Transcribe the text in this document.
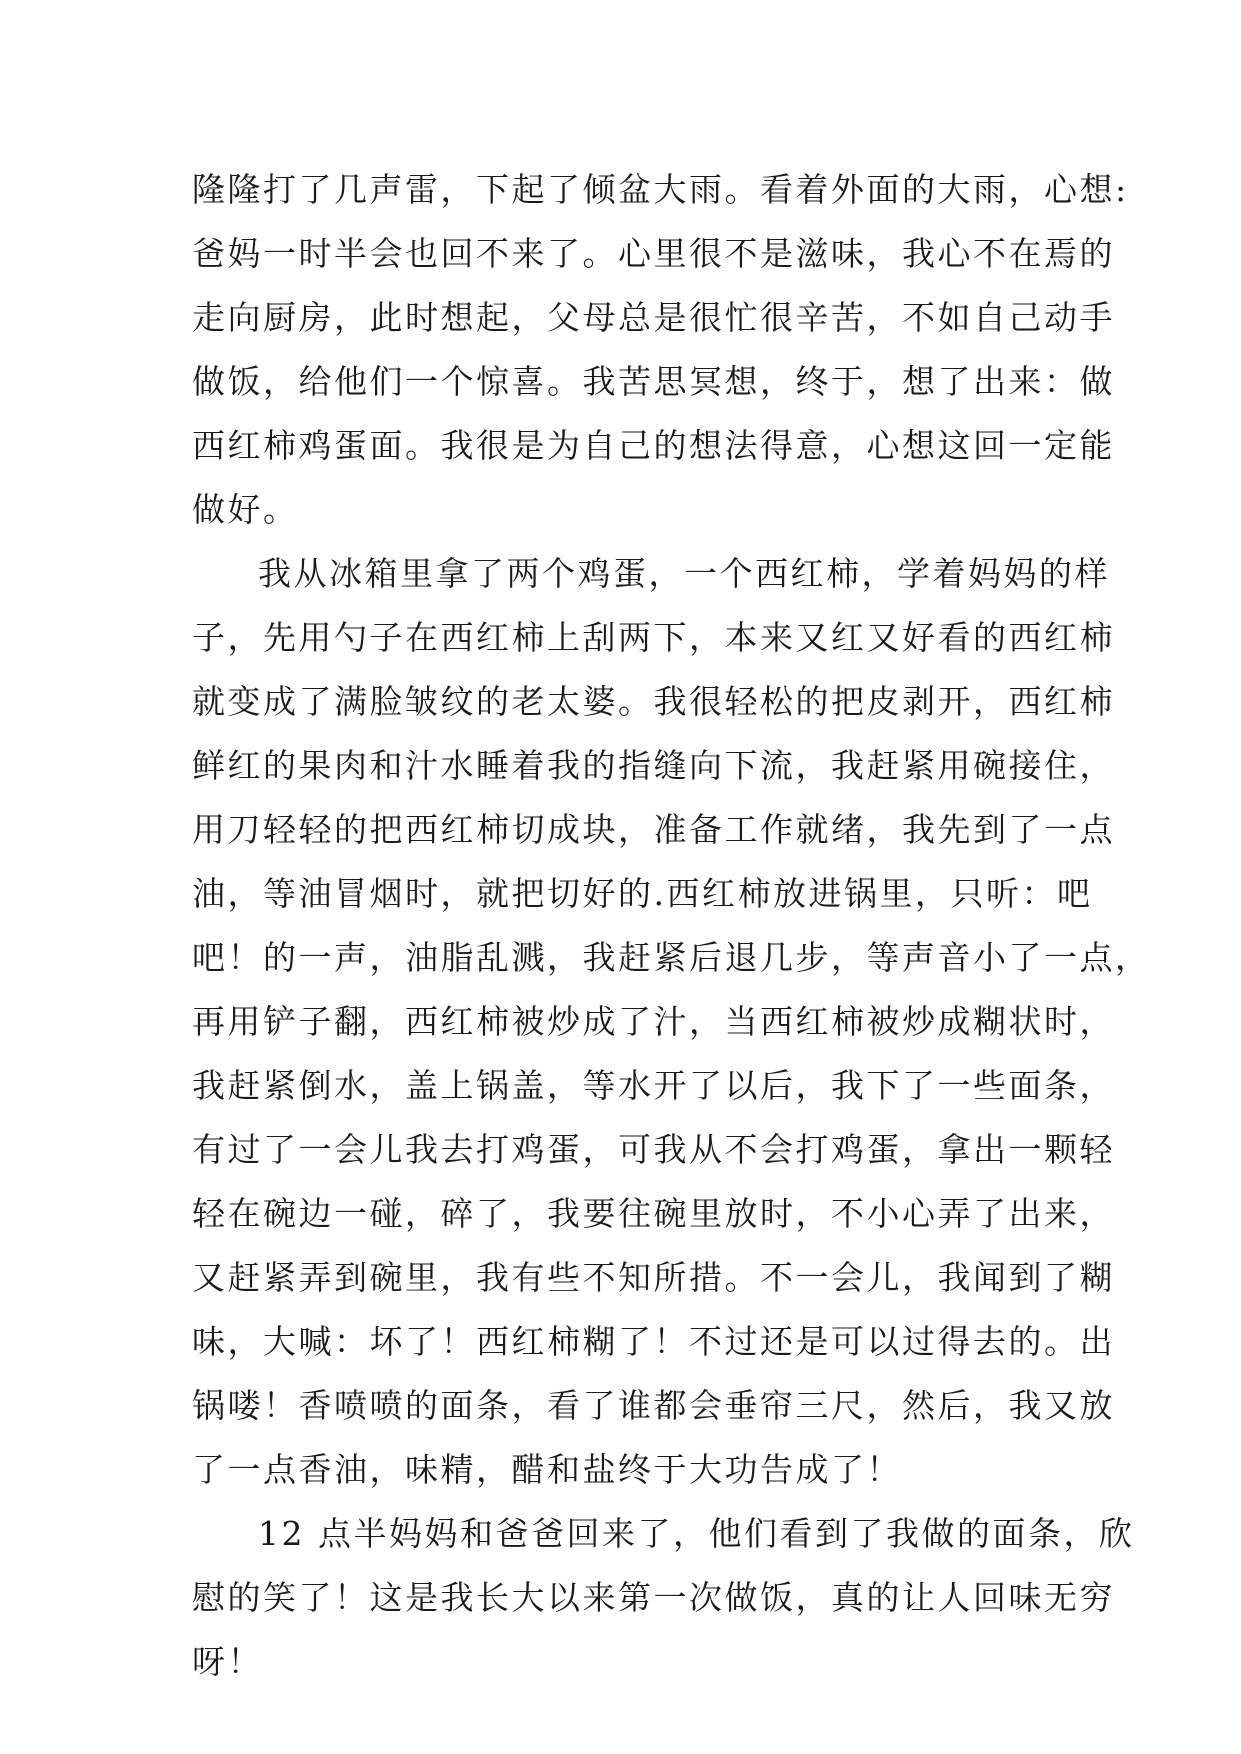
隆隆打了几声雷，下起了倾盆大雨。看着外面的大雨，心想:
爸妈一时半会也回不来了。心里很不是滋味，我心不在焉的
走向厨房，此时想起，父母总是很忙很辛苦，不如自己动手
做饭，给他们一个惊喜。我苦思冥想，终于，想了出来：做
西红柿鸡蛋面。我很是为自己的想法得意，心想这回一定能
做好。
我从冰箱里拿了两个鸡蛋，一个西红柿，学着妈妈的样
子，先用勺子在西红柿上刮两下，本来又红又好看的西红柿
就变成了满脸皱纹的老太婆。我很轻松的把皮剥开，西红柿
鲜红的果肉和汁水睡着我的指缝向下流，我赶紧用碗接住，
用刀轻轻的把西红柿切成块，准备工作就绪，我先到了一点
油，等油冒烟时，就把切好的.西红柿放进锅里，只听：吧
吧！的一声，油脂乱溅，我赶紧后退几步，等声音小了一点，
再用铲子翻，西红柿被炒成了汁，当西红柿被炒成糊状时，
我赶紧倒水，盖上锅盖，等水开了以后，我下了一些面条，
有过了一会儿我去打鸡蛋，可我从不会打鸡蛋，拿出一颗轻
轻在碗边一碰，碎了，我要往碗里放时，不小心弄了出来，
又赶紧弄到碗里，我有些不知所措。不一会儿，我闻到了糊
味，大喊：坏了！西红柿糊了！不过还是可以过得去的。出
锅喽！香喷喷的面条，看了谁都会垂帘三尺，然后，我又放
了一点香油，味精，醋和盐终于大功告成了！
12 点半妈妈和爸爸回来了，他们看到了我做的面条，欣
慰的笑了！这是我长大以来第一次做饭，真的让人回味无穷
呀！
